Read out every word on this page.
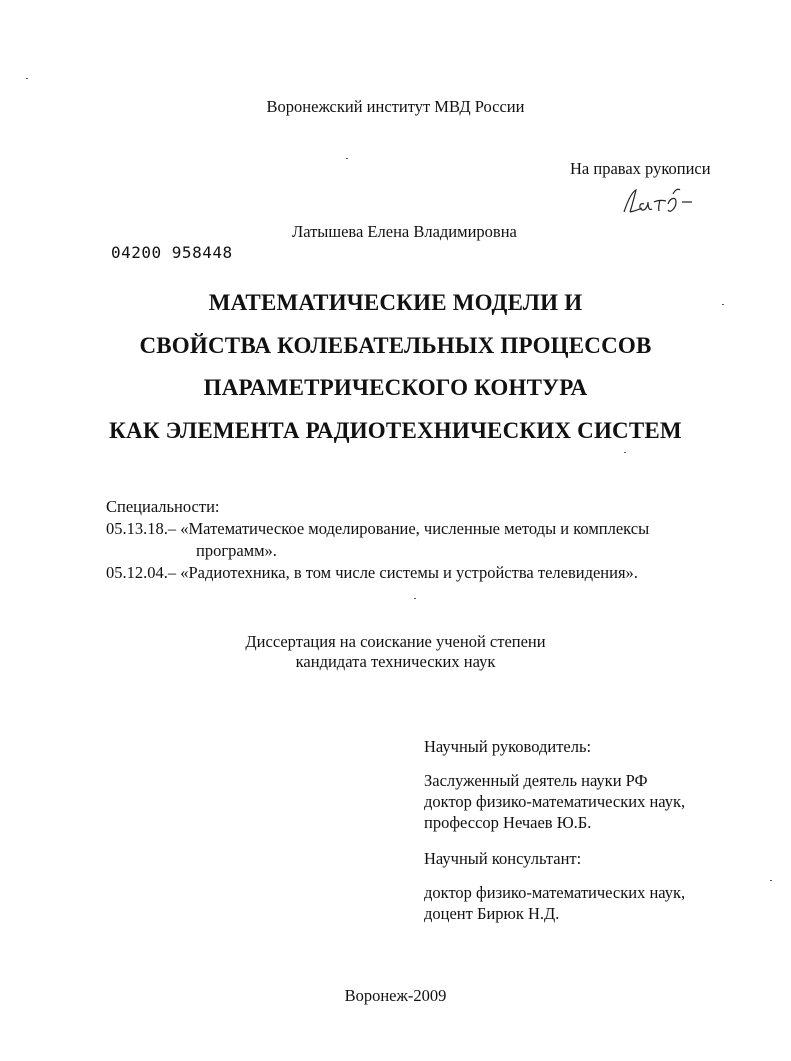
Воронежский институт МВД России
На правах рукописи
Латышева Елена Владимировна
04200 958448
МАТЕМАТИЧЕСКИЕ МОДЕЛИ И
СВОЙСТВА КОЛЕБАТЕЛЬНЫХ ПРОЦЕССОВ
ПАРАМЕТРИЧЕСКОГО КОНТУРА
КАК ЭЛЕМЕНТА РАДИОТЕХНИЧЕСКИХ СИСТЕМ
Специальности:
05.13.18.– «Математическое моделирование, численные методы и комплексы
программ».
05.12.04.– «Радиотехника, в том числе системы и устройства телевидения».
Диссертация на соискание ученой степени
кандидата технических наук
Научный руководитель:
Заслуженный деятель науки РФ
доктор физико-математических наук,
профессор Нечаев Ю.Б.
Научный консультант:
доктор физико-математических наук,
доцент Бирюк Н.Д.
Воронеж-2009
